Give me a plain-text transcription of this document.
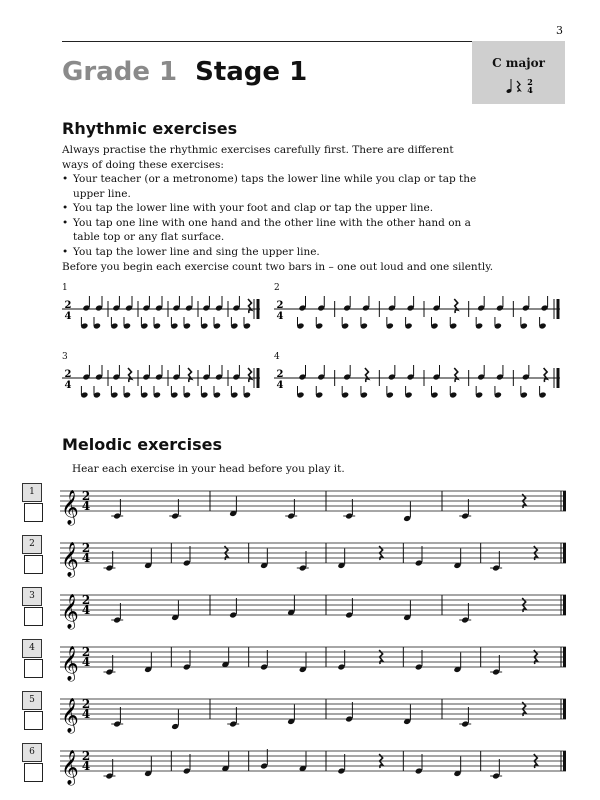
3
C major
2
4
Grade 1 Stage 1
Rhythmic exercises
Always practise the rhythmic exercises carefully first. There are different ways of doing these exercises:
• Your teacher (or a metronome) taps the lower line while you clap or tap the upper line.
• You tap the lower line with your foot and clap or tap the upper line.
• You tap one line with one hand and the other line with the other hand on a table top or any flat surface.
• You tap the lower line and sing the upper line.
Before you begin each exercise count two bars in – one out loud and one silently.
1	2
3	4
2
4
2
4
2
4
2
4
Melodic exercises
Hear each exercise in your head before you play it.
1 𝄞 2
4
2 𝄞 2
4
3 𝄞 2
4
4 𝄞 2
4
5 𝄞 2
4
6 𝄞 2
4
